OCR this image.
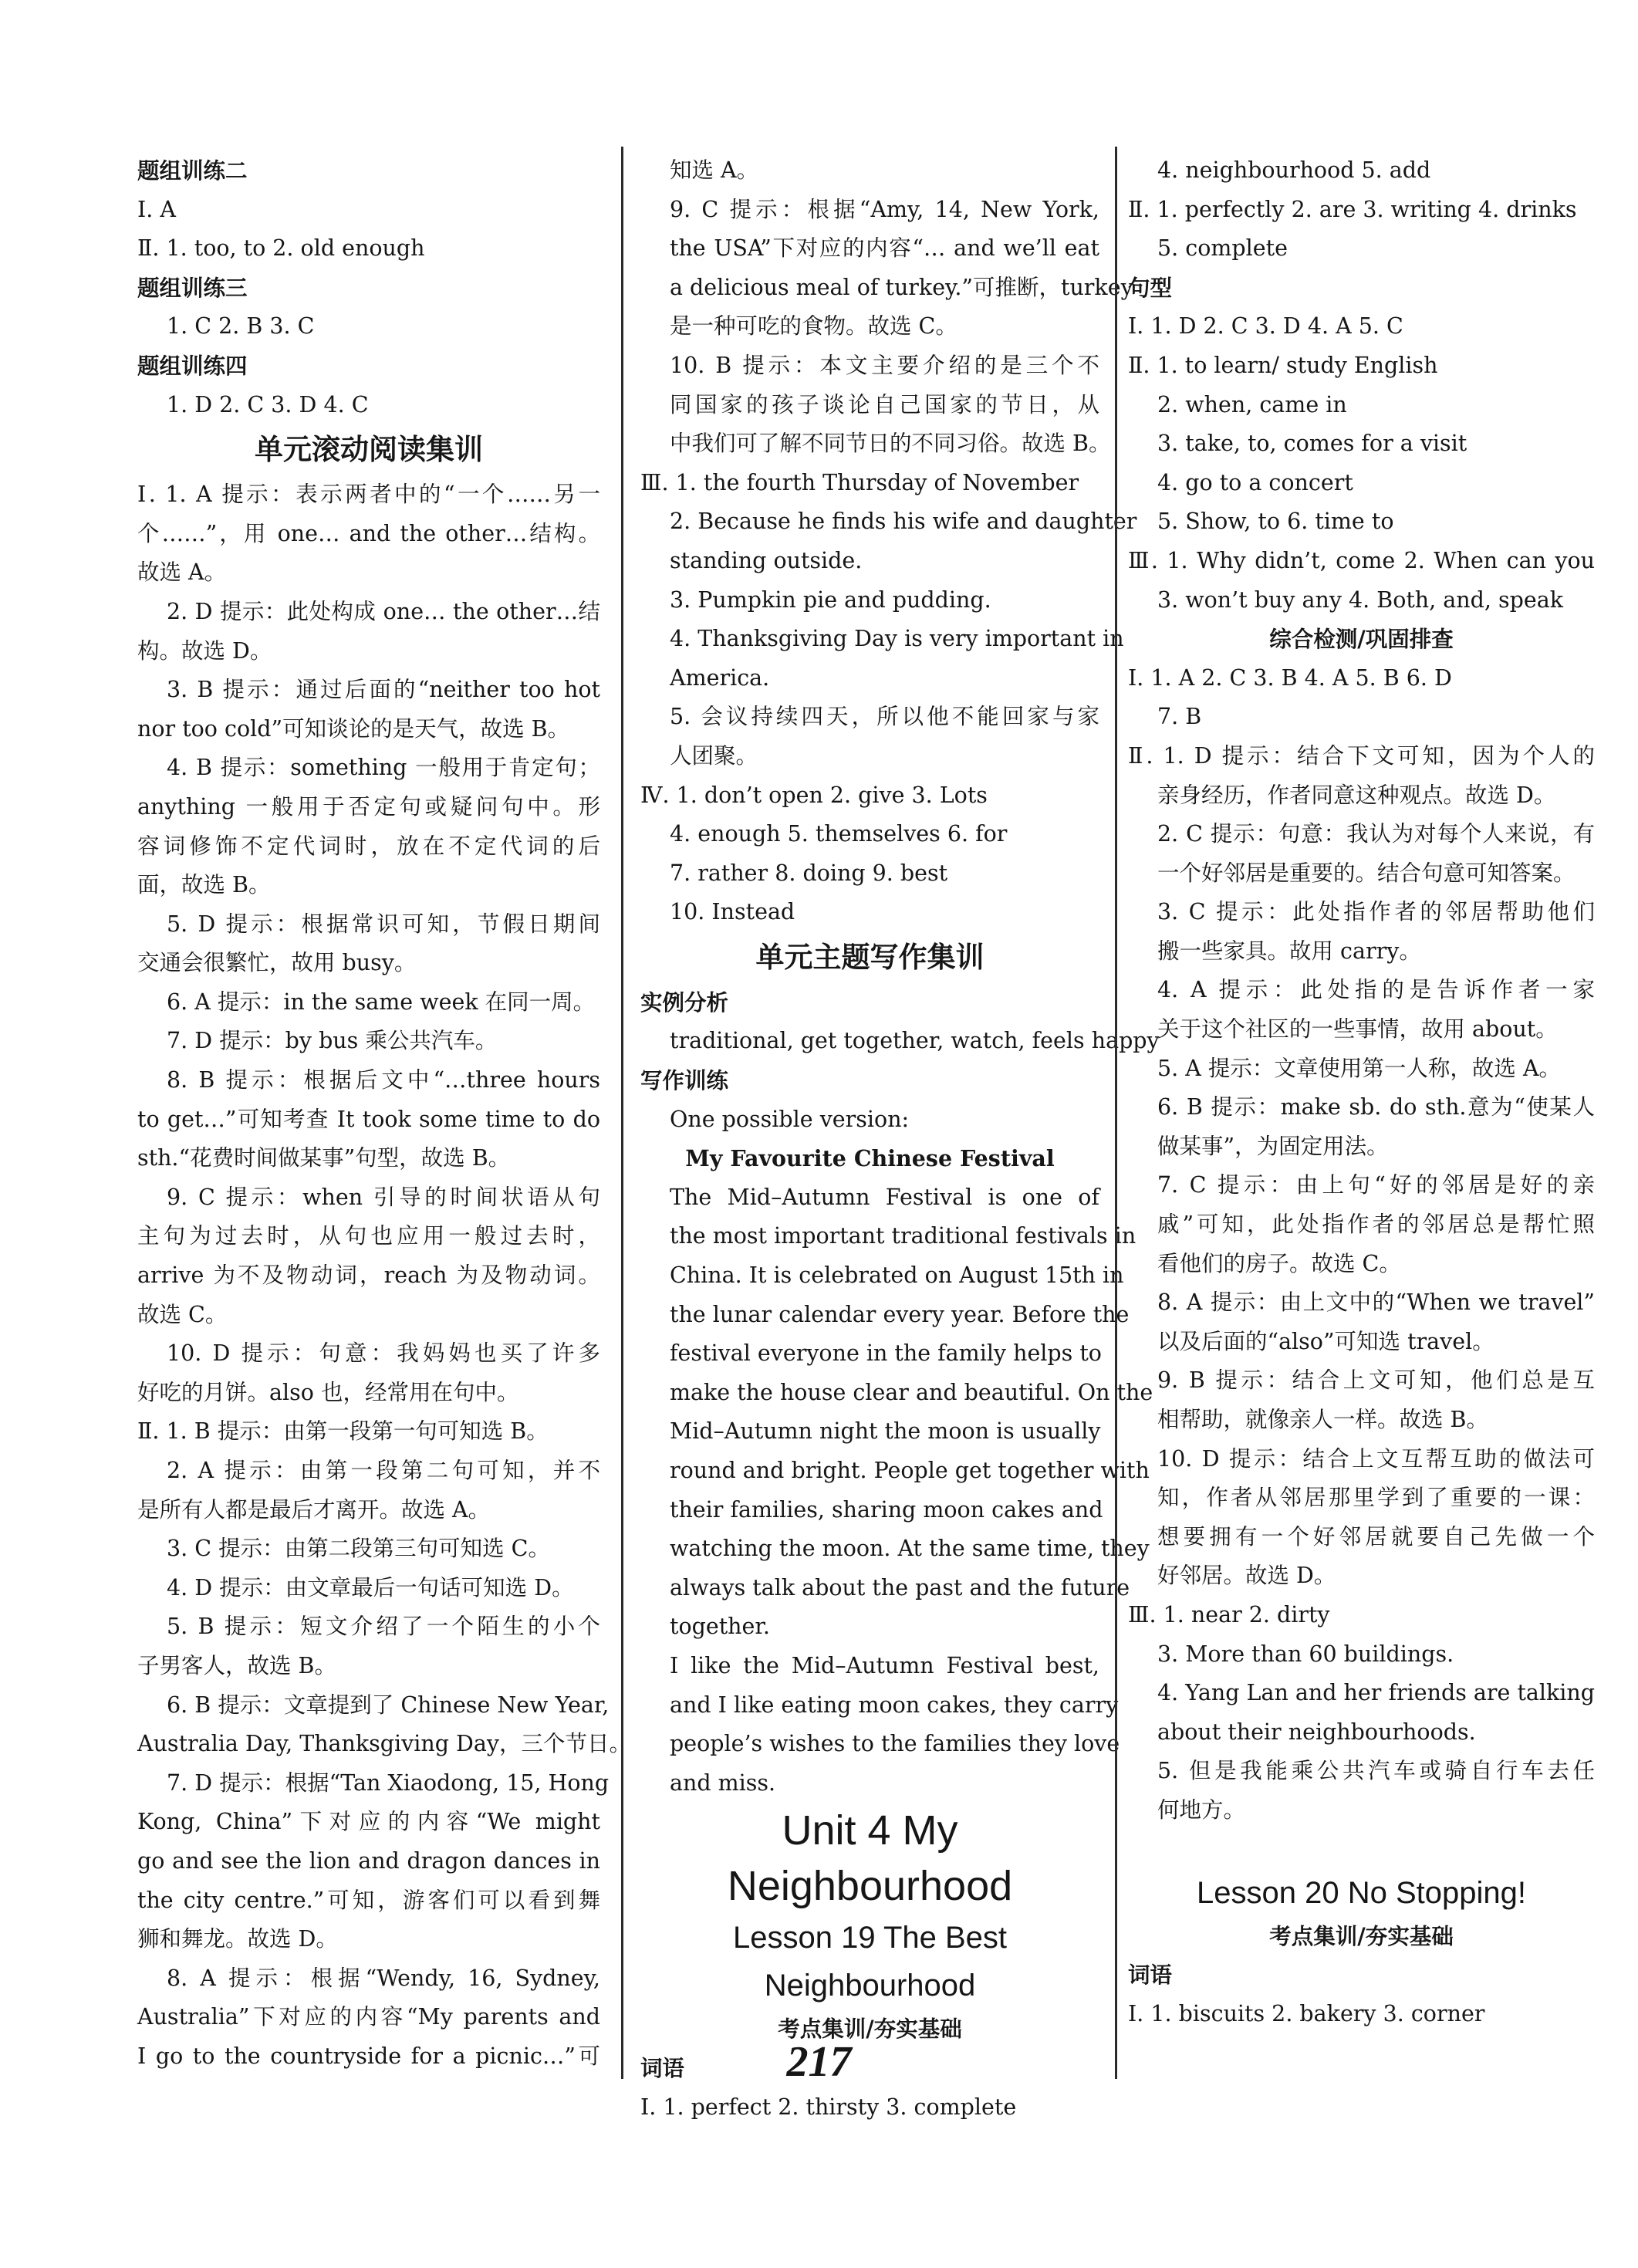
题组训练二
Ⅰ. A
Ⅱ. 1. too, to 2. old enough
题组训练三
1. C 2. B 3. C
题组训练四
1. D 2. C 3. D 4. C
单元滚动阅读集训
Ⅰ. 1. A 提示：表示两者中的“一个……另一
个……”，用 one… and the other…结构。
故选 A。
2. D 提示：此处构成 one… the other…结
构。故选 D。
3. B 提示：通过后面的“neither too hot
nor too cold”可知谈论的是天气，故选 B。
4. B 提示：something 一般用于肯定句；
anything 一般用于否定句或疑问句中。形
容词修饰不定代词时，放在不定代词的后
面，故选 B。
5. D 提示：根据常识可知，节假日期间
交通会很繁忙，故用 busy。
6. A 提示：in the same week 在同一周。
7. D 提示：by bus 乘公共汽车。
8. B 提示：根据后文中“…three hours
to get…”可知考查 It took some time to do
sth.“花费时间做某事”句型，故选 B。
9. C 提示：when 引导的时间状语从句
主句为过去时，从句也应用一般过去时，
arrive 为不及物动词，reach 为及物动词。
故选 C。
10. D 提示：句意：我妈妈也买了许多
好吃的月饼。also 也，经常用在句中。
Ⅱ. 1. B 提示：由第一段第一句可知选 B。
2. A 提示：由第一段第二句可知，并不
是所有人都是最后才离开。故选 A。
3. C 提示：由第二段第三句可知选 C。
4. D 提示：由文章最后一句话可知选 D。
5. B 提示：短文介绍了一个陌生的小个
子男客人，故选 B。
6. B 提示：文章提到了 Chinese New Year,
Australia Day, Thanksgiving Day，三个节日。
7. D 提示：根据“Tan Xiaodong, 15, Hong
Kong, China”下对应的内容“We might
go and see the lion and dragon dances in
the city centre.”可知，游客们可以看到舞
狮和舞龙。故选 D。
8. A 提示：根据“Wendy, 16, Sydney,
Australia”下对应的内容“My parents and
I go to the countryside for a picnic…”可
知选 A。
9. C 提示：根据“Amy, 14, New York,
the USA”下对应的内容“… and we’ll eat
a delicious meal of turkey.”可推断，turkey
是一种可吃的食物。故选 C。
10. B 提示：本文主要介绍的是三个不
同国家的孩子谈论自己国家的节日，从
中我们可了解不同节日的不同习俗。故选 B。
Ⅲ. 1. the fourth Thursday of November
2. Because he finds his wife and daughter
standing outside.
3. Pumpkin pie and pudding.
4. Thanksgiving Day is very important in
America.
5. 会议持续四天，所以他不能回家与家
人团聚。
Ⅳ. 1. don’t open 2. give 3. Lots
4. enough 5. themselves 6. for
7. rather 8. doing 9. best
10. Instead
单元主题写作集训
实例分析
traditional, get together, watch, feels happy
写作训练
One possible version:
My Favourite Chinese Festival
The Mid–Autumn Festival is one of
the most important traditional festivals in
China. It is celebrated on August 15th in
the lunar calendar every year. Before the
festival everyone in the family helps to
make the house clear and beautiful. On the
Mid–Autumn night the moon is usually
round and bright. People get together with
their families, sharing moon cakes and
watching the moon. At the same time, they
always talk about the past and the future
together.
I like the Mid–Autumn Festival best,
and I like eating moon cakes, they carry
people’s wishes to the families they love
and miss.
Unit 4 My
Neighbourhood
Lesson 19 The Best
Neighbourhood
考点集训/夯实基础
词语
Ⅰ. 1. perfect 2. thirsty 3. complete
4. neighbourhood 5. add
Ⅱ. 1. perfectly 2. are 3. writing 4. drinks
5. complete
句型
Ⅰ. 1. D 2. C 3. D 4. A 5. C
Ⅱ. 1. to learn/ study English
2. when, came in
3. take, to, comes for a visit
4. go to a concert
5. Show, to 6. time to
Ⅲ. 1. Why didn’t, come 2. When can you
3. won’t buy any 4. Both, and, speak
综合检测/巩固排查
Ⅰ. 1. A 2. C 3. B 4. A 5. B 6. D
7. B
Ⅱ. 1. D 提示：结合下文可知，因为个人的
亲身经历，作者同意这种观点。故选 D。
2. C 提示：句意：我认为对每个人来说，有
一个好邻居是重要的。结合句意可知答案。
3. C 提示：此处指作者的邻居帮助他们
搬一些家具。故用 carry。
4. A 提示：此处指的是告诉作者一家
关于这个社区的一些事情，故用 about。
5. A 提示：文章使用第一人称，故选 A。
6. B 提示：make sb. do sth.意为“使某人
做某事”，为固定用法。
7. C 提示：由上句“好的邻居是好的亲
戚”可知，此处指作者的邻居总是帮忙照
看他们的房子。故选 C。
8. A 提示：由上文中的“When we travel”
以及后面的“also”可知选 travel。
9. B 提示：结合上文可知，他们总是互
相帮助，就像亲人一样。故选 B。
10. D 提示：结合上文互帮互助的做法可
知，作者从邻居那里学到了重要的一课：
想要拥有一个好邻居就要自己先做一个
好邻居。故选 D。
Ⅲ. 1. near 2. dirty
3. More than 60 buildings.
4. Yang Lan and her friends are talking
about their neighbourhoods.
5. 但是我能乘公共汽车或骑自行车去任
何地方。
Lesson 20 No Stopping!
考点集训/夯实基础
词语
Ⅰ. 1. biscuits 2. bakery 3. corner
217
